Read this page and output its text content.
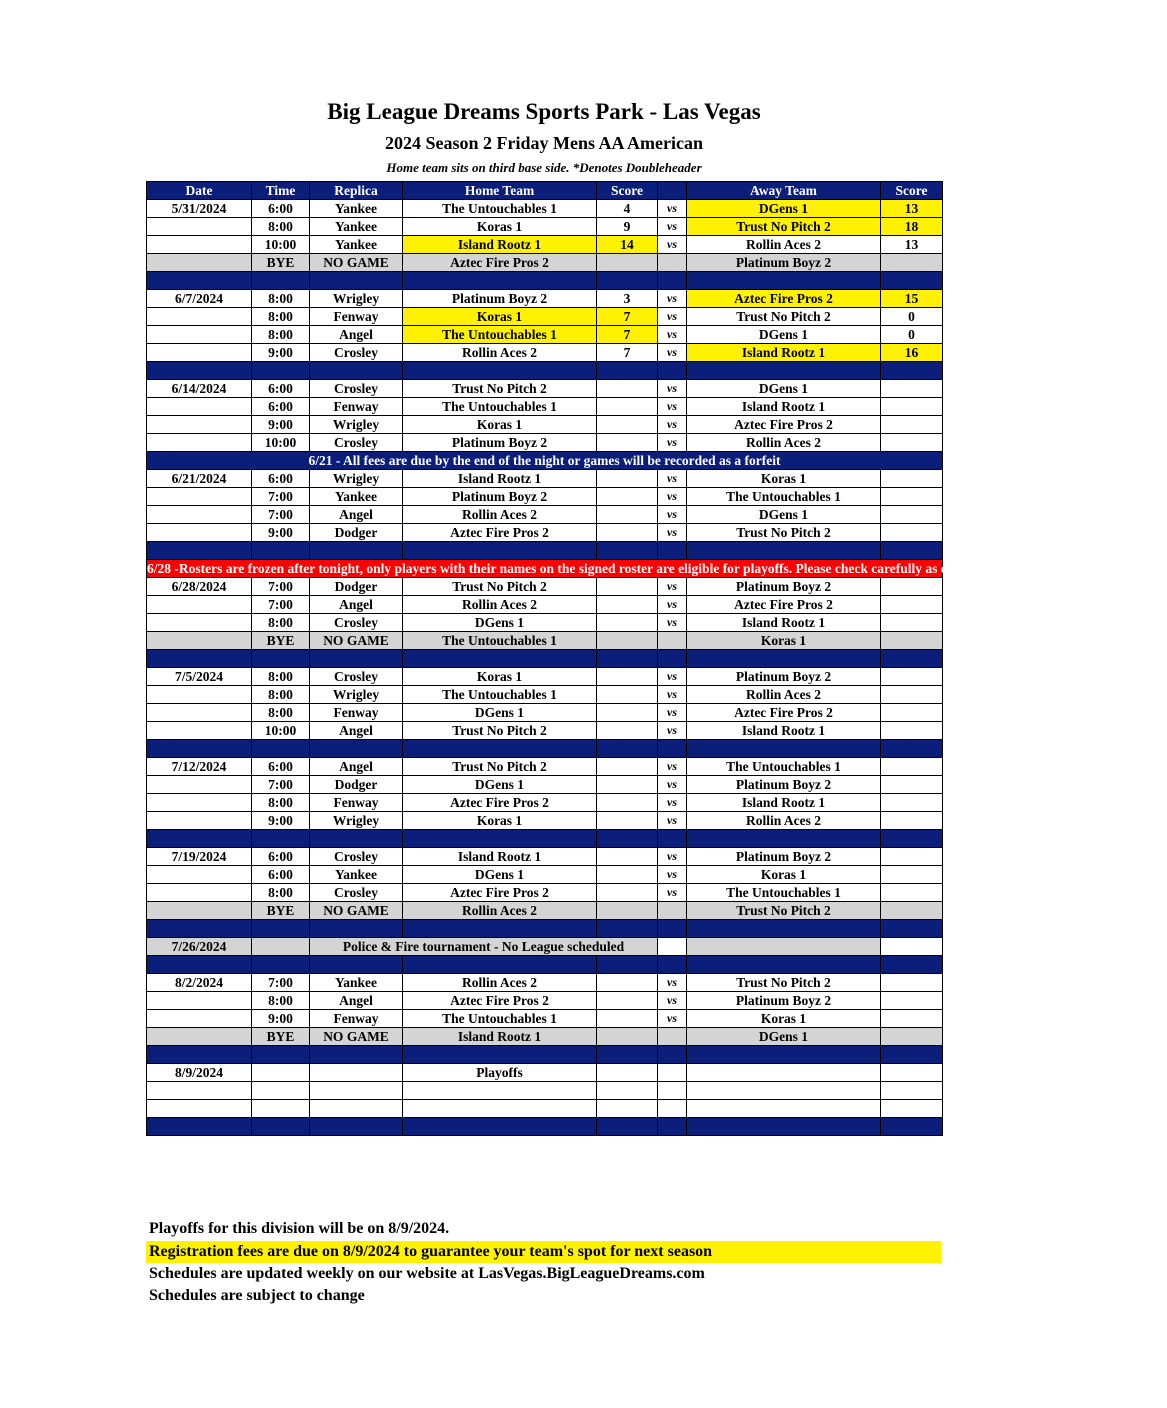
Big League Dreams Sports Park - Las Vegas
2024 Season 2 Friday Mens AA American
Home team sits on third base side. *Denotes Doubleheader
Date	Time	Replica	Home Team	Score		Away Team	Score
5/31/2024	6:00	Yankee	The Untouchables 1	4	vs	DGens 1	13
	8:00	Yankee	Koras 1	9	vs	Trust No Pitch 2	18
	10:00	Yankee	Island Rootz 1	14	vs	Rollin Aces 2	13
	BYE	NO GAME	Aztec Fire Pros 2			Platinum Boyz 2	

6/7/2024	8:00	Wrigley	Platinum Boyz 2	3	vs	Aztec Fire Pros 2	15
	8:00	Fenway	Koras 1	7	vs	Trust No Pitch 2	0
	8:00	Angel	The Untouchables 1	7	vs	DGens 1	0
	9:00	Crosley	Rollin Aces 2	7	vs	Island Rootz 1	16

6/14/2024	6:00	Crosley	Trust No Pitch 2		vs	DGens 1	
	6:00	Fenway	The Untouchables 1		vs	Island Rootz 1	
	9:00	Wrigley	Koras 1		vs	Aztec Fire Pros 2	
	10:00	Crosley	Platinum Boyz 2		vs	Rollin Aces 2	
6/21 - All fees are due by the end of the night or games will be recorded as a forfeit							
6/21/2024	6:00	Wrigley	Island Rootz 1		vs	Koras 1	
	7:00	Yankee	Platinum Boyz 2		vs	The Untouchables 1	
	7:00	Angel	Rollin Aces 2		vs	DGens 1	
	9:00	Dodger	Aztec Fire Pros 2		vs	Trust No Pitch 2	

6/28 -Rosters are frozen after tonight, only players with their names on the signed roster are eligible for playoffs. Please check carefully as changes will not be made for omissions.							
6/28/2024	7:00	Dodger	Trust No Pitch 2		vs	Platinum Boyz 2	
	7:00	Angel	Rollin Aces 2		vs	Aztec Fire Pros 2	
	8:00	Crosley	DGens 1		vs	Island Rootz 1	
	BYE	NO GAME	The Untouchables 1			Koras 1	

7/5/2024	8:00	Crosley	Koras 1		vs	Platinum Boyz 2	
	8:00	Wrigley	The Untouchables 1		vs	Rollin Aces 2	
	8:00	Fenway	DGens 1		vs	Aztec Fire Pros 2	
	10:00	Angel	Trust No Pitch 2		vs	Island Rootz 1	

7/12/2024	6:00	Angel	Trust No Pitch 2		vs	The Untouchables 1	
	7:00	Dodger	DGens 1		vs	Platinum Boyz 2	
	8:00	Fenway	Aztec Fire Pros 2		vs	Island Rootz 1	
	9:00	Wrigley	Koras 1		vs	Rollin Aces 2	

7/19/2024	6:00	Crosley	Island Rootz 1		vs	Platinum Boyz 2	
	6:00	Yankee	DGens 1		vs	Koras 1	
	8:00	Crosley	Aztec Fire Pros 2		vs	The Untouchables 1	
	BYE	NO GAME	Rollin Aces 2			Trust No Pitch 2	

7/26/2024		Police & Fire tournament - No League scheduled					

8/2/2024	7:00	Yankee	Rollin Aces 2		vs	Trust No Pitch 2	
	8:00	Angel	Aztec Fire Pros 2		vs	Platinum Boyz 2	
	9:00	Fenway	The Untouchables 1		vs	Koras 1	
	BYE	NO GAME	Island Rootz 1			DGens 1	

8/9/2024			Playoffs				

Playoffs for this division will be on 8/9/2024.
Registration fees are due on 8/9/2024 to guarantee your team's spot for next season
Schedules are updated weekly on our website at LasVegas.BigLeagueDreams.com
Schedules are subject to change
